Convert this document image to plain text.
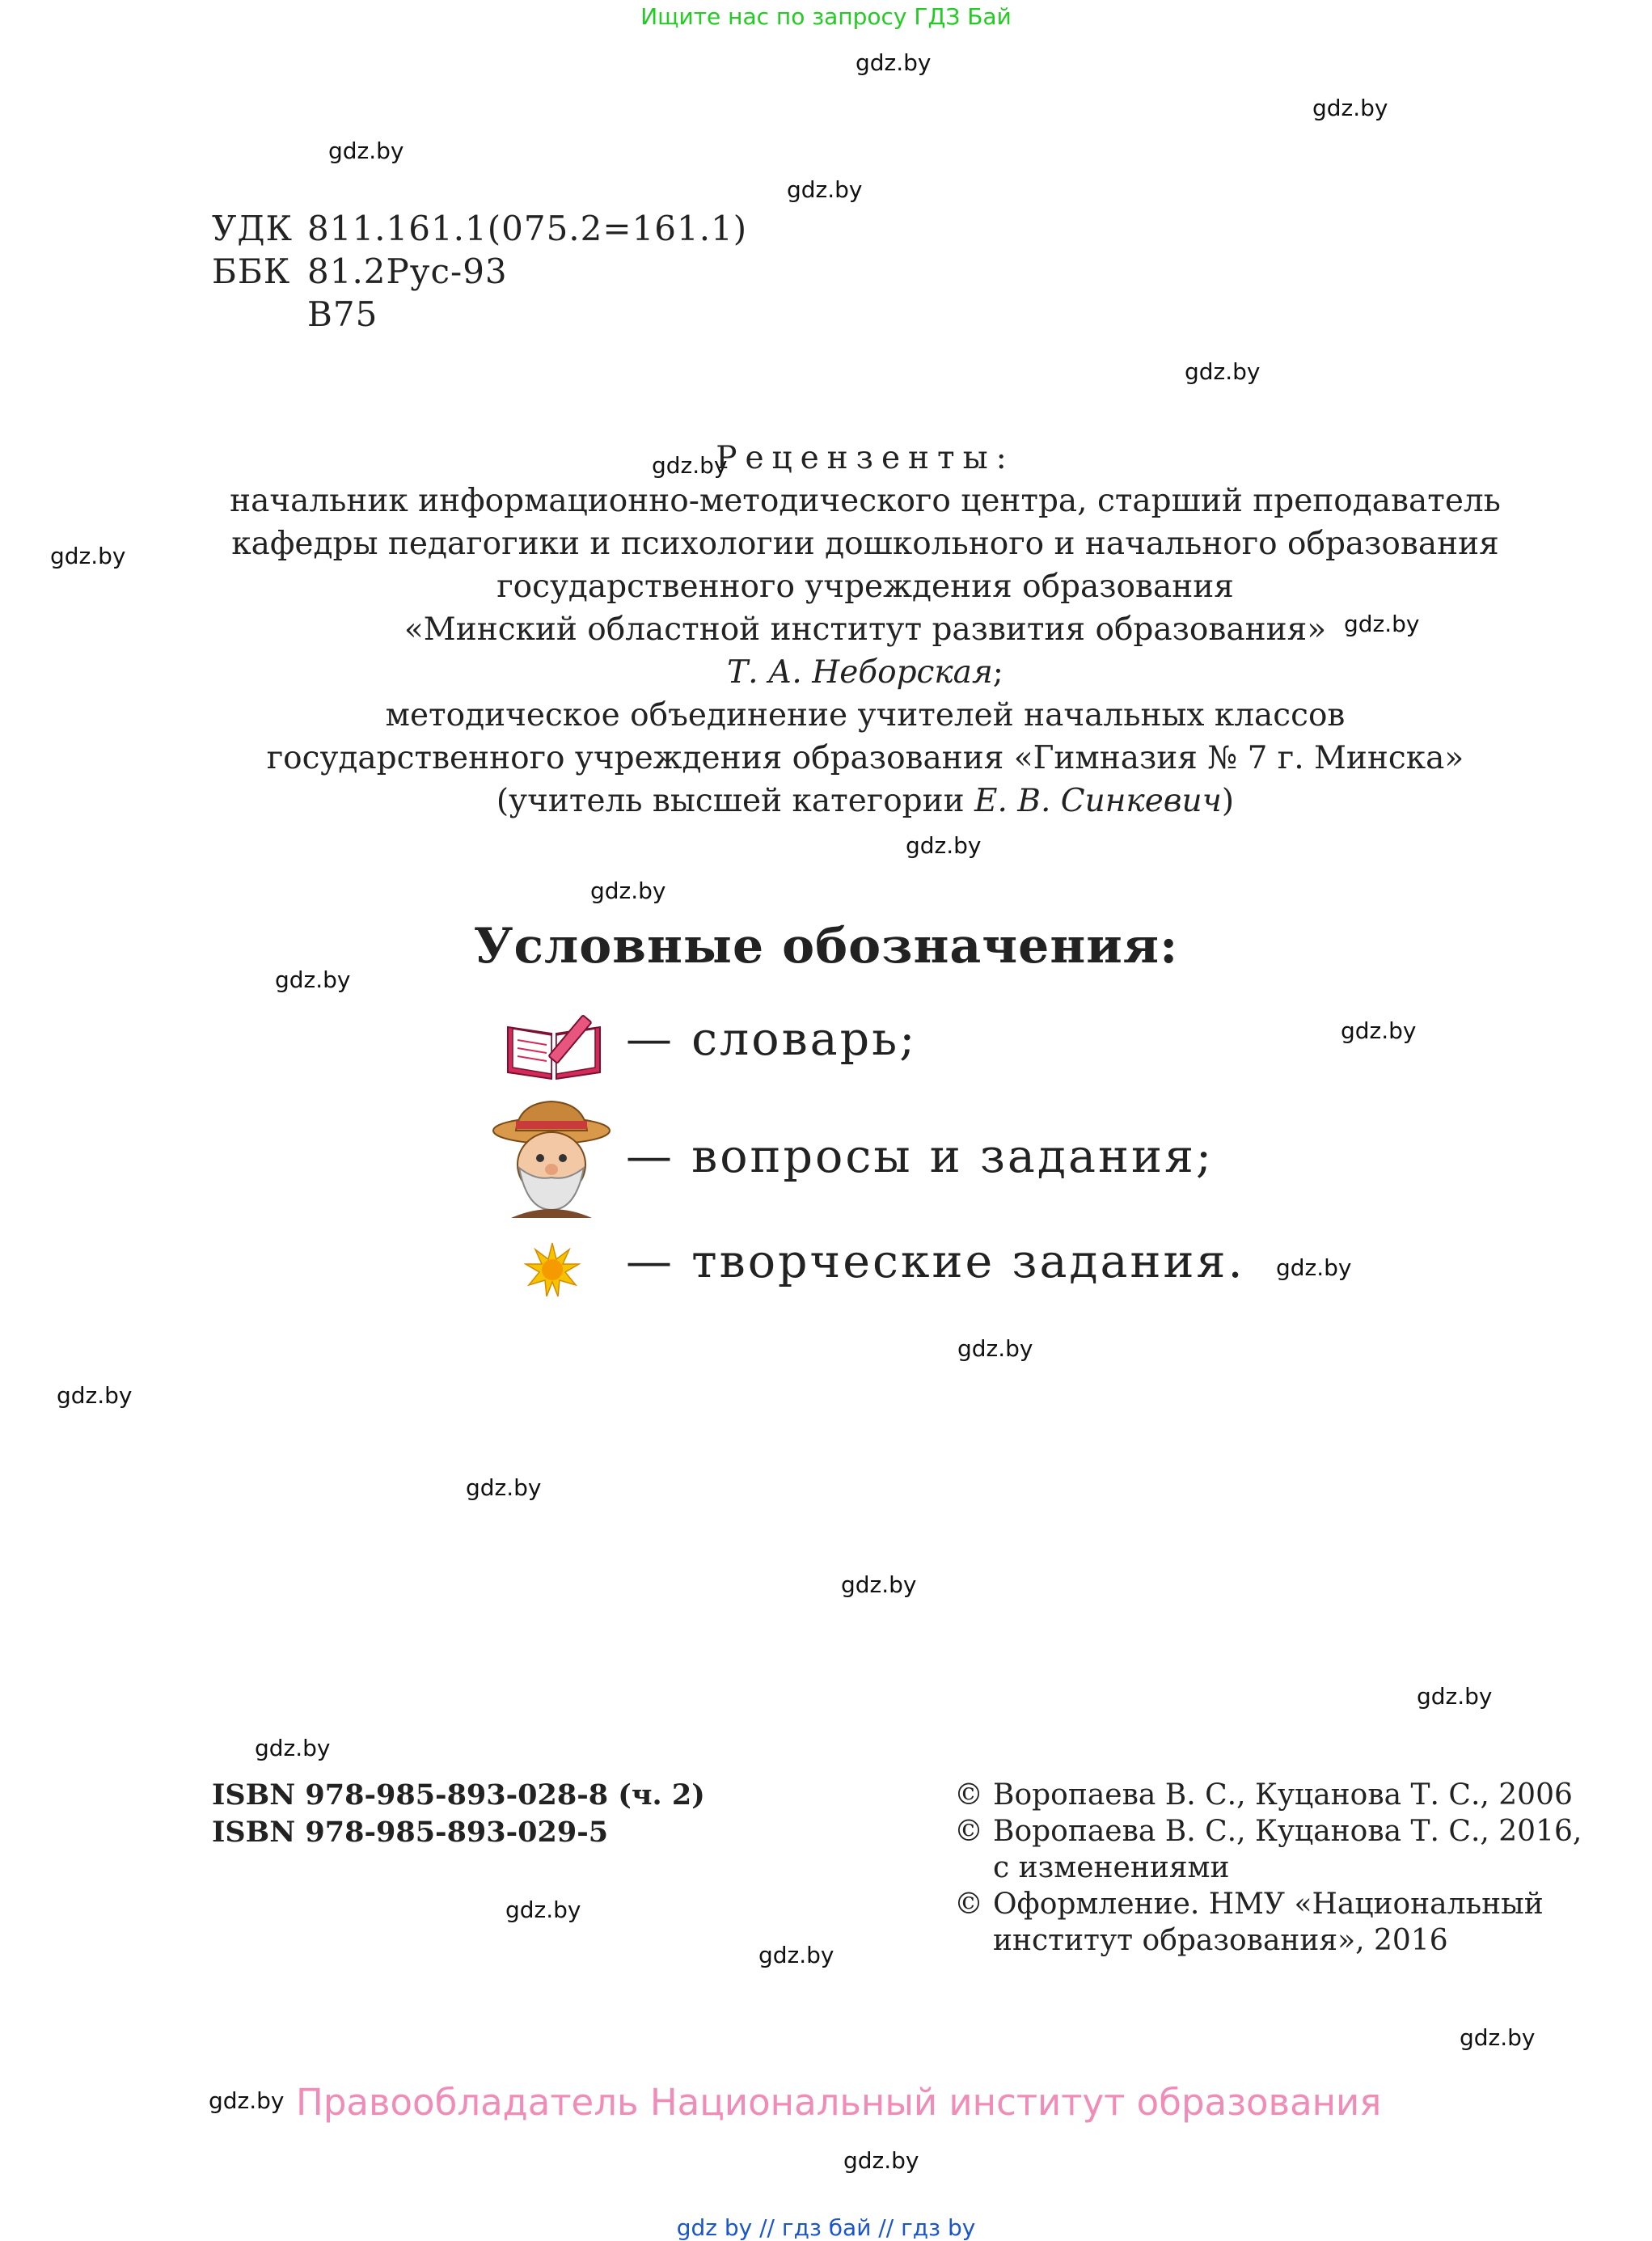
Ищите нас по запросу ГДЗ Бай
gdz.by
gdz.by
gdz.by
gdz.by
gdz.by
gdz.by
gdz.by
gdz.by
gdz.by
gdz.by
gdz.by
gdz.by
gdz.by
gdz.by
gdz.by
gdz.by
gdz.by
gdz.by
gdz.by
gdz.by
gdz.by
gdz.by
gdz.by
gdz.by
УДК 811.161.1(075.2=161.1)
ББК 81.2Рус-93
В75
Рецензенты:
начальник информационно-методического центра, старший преподаватель
кафедры педагогики и психологии дошкольного и начального образования
государственного учреждения образования
«Минский областной институт развития образования»
Т. А. Неборская;
методическое объединение учителей начальных классов
государственного учреждения образования «Гимназия № 7 г. Минска»
(учитель высшей категории Е. В. Синкевич)
Условные обозначения:
— словарь;
— вопросы и задания;
— творческие задания.
ISBN 978-985-893-028-8 (ч. 2)
ISBN 978-985-893-029-5
© Воропаева В. С., Куцанова Т. С., 2006
© Воропаева В. С., Куцанова Т. С., 2016,
с изменениями
© Оформление. НМУ «Национальный
институт образования», 2016
Правообладатель Национальный институт образования
gdz by // гдз бай // гдз by
